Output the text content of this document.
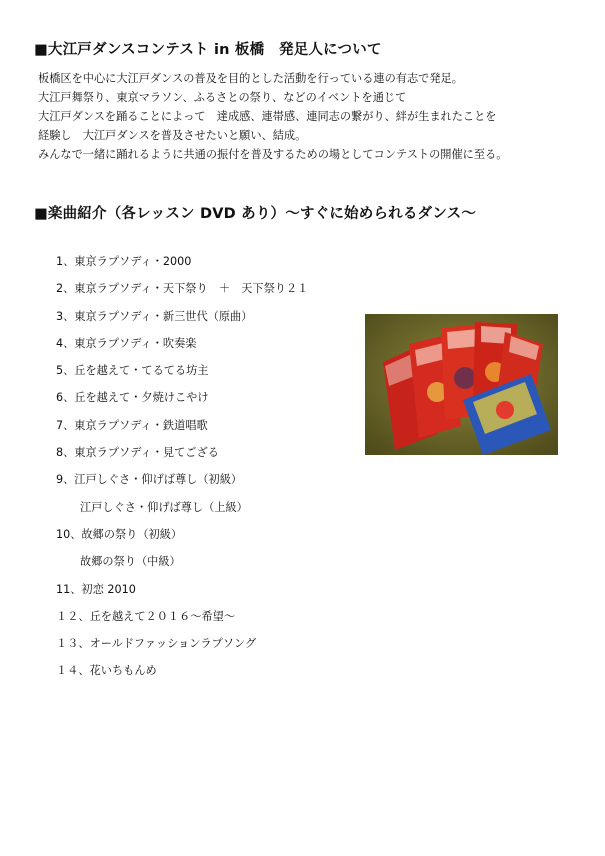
■大江戸ダンスコンテスト in 板橋　発足人について

板橋区を中心に大江戸ダンスの普及を目的とした活動を行っている連の有志で発足。

大江戸舞祭り、東京マラソン、ふるさとの祭り、などのイベントを通じて

大江戸ダンスを踊ることによって　達成感、連帯感、連同志の繋がり、絆が生まれたことを

経験し　大江戸ダンスを普及させたいと願い、結成。

みんなで一緒に踊れるように共通の振付を普及するための場としてコンテストの開催に至る。

■楽曲紹介（各レッスン DVD あり）～すぐに始められるダンス～
1、東京ラプソディ・2000
2、東京ラプソディ・天下祭り　＋　天下祭り２１
3、東京ラプソディ・新三世代（原曲）
4、東京ラプソディ・吹奏楽
5、丘を越えて・てるてる坊主
6、丘を越えて・夕焼けこやけ
7、東京ラプソディ・鉄道唱歌
8、東京ラプソディ・見てござる
9、江戸しぐさ・仰げば尊し（初級）
江戸しぐさ・仰げば尊し（上級）
10、故郷の祭り（初級）
故郷の祭り（中級）
11、初恋 2010
１２、丘を越えて２０１６～希望～
１３、オールドファッションラプソング
１４、花いちもんめ
